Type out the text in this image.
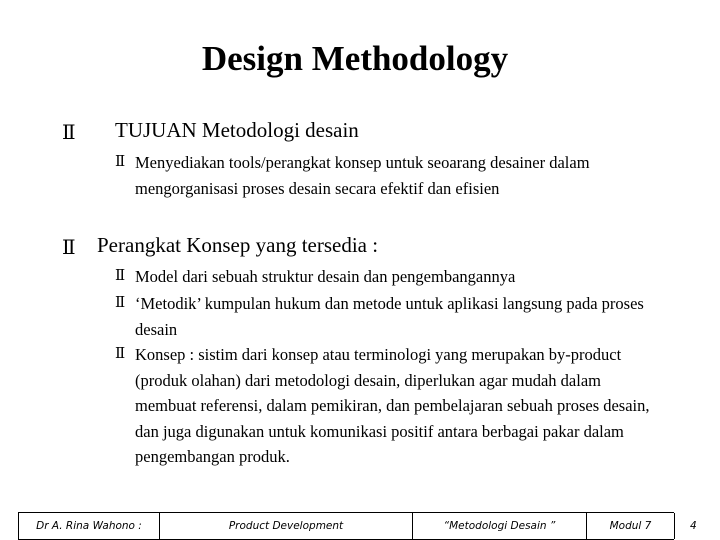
Design Methodology
Ⅱ TUJUAN Metodologi desain
Ⅱ Menyediakan tools/perangkat konsep untuk seoarang desainer dalam mengorganisasi proses desain secara efektif dan efisien
Ⅱ Perangkat Konsep yang tersedia :
Ⅱ Model dari sebuah struktur desain dan pengembangannya
Ⅱ ‘Metodik’ kumpulan hukum dan metode untuk aplikasi langsung pada proses desain
Ⅱ Konsep : sistim dari konsep atau terminologi yang merupakan by-product (produk olahan) dari metodologi desain, diperlukan agar mudah dalam membuat referensi, dalam pemikiran, dan pembelajaran sebuah proses desain, dan juga digunakan untuk komunikasi positif antara berbagai pakar dalam pengembangan produk.
Dr A. Rina Wahono :	Product Development	“Metodologi Desain ”	Modul 7	4
